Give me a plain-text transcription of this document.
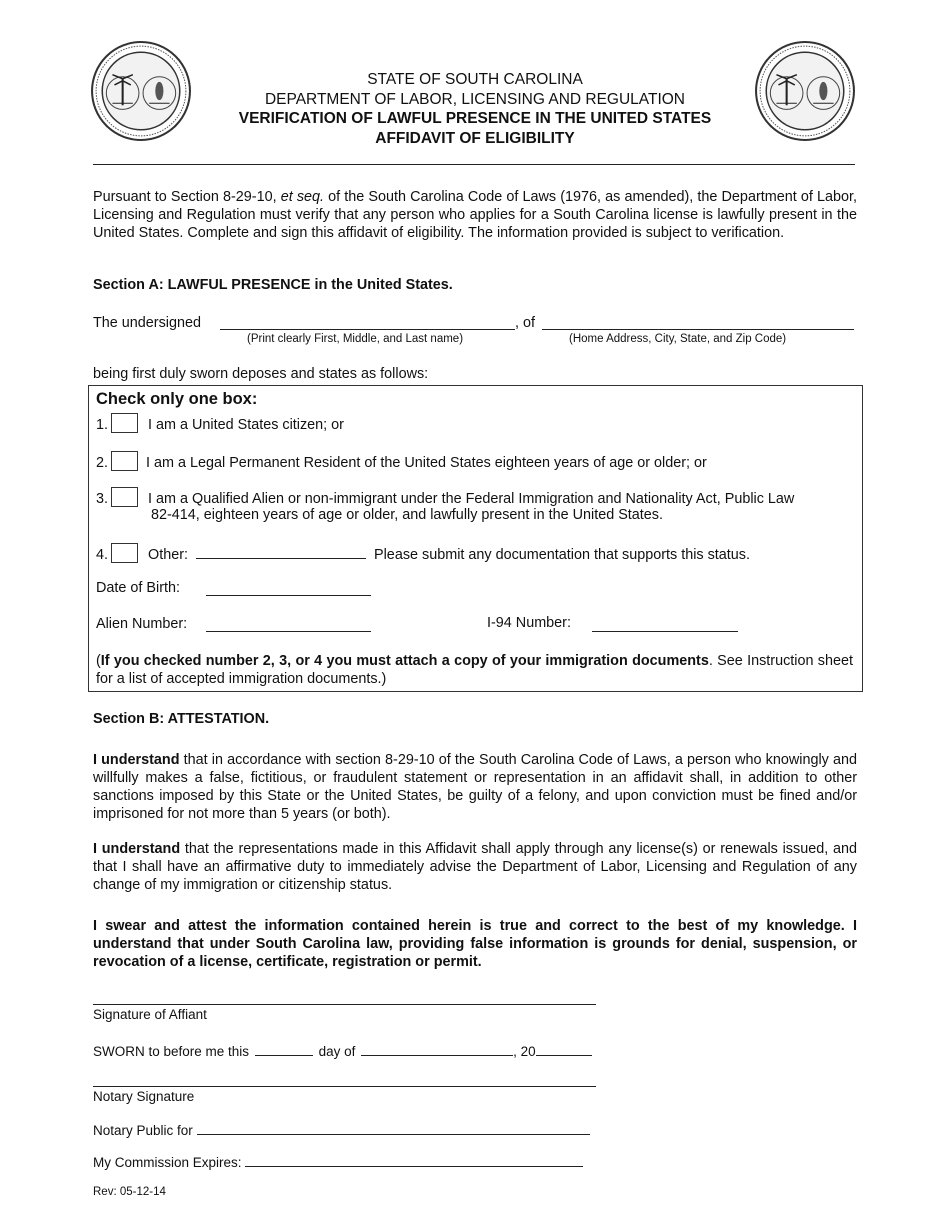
STATE OF SOUTH CAROLINA
DEPARTMENT OF LABOR, LICENSING AND REGULATION
VERIFICATION OF LAWFUL PRESENCE IN THE UNITED STATES
AFFIDAVIT OF ELIGIBILITY
Pursuant to Section 8-29-10, et seq. of the South Carolina Code of Laws (1976, as amended), the Department of Labor, Licensing and Regulation must verify that any person who applies for a South Carolina license is lawfully present in the United States. Complete and sign this affidavit of eligibility. The information provided is subject to verification.
Section A: LAWFUL PRESENCE in the United States.
The undersigned	, of
(Print clearly First, Middle, and Last name)	(Home Address, City, State, and Zip Code)
being first duly sworn deposes and states as follows:
Check only one box:
1.	I am a United States citizen; or
2.	I am a Legal Permanent Resident of the United States eighteen years of age or older; or
3.	I am a Qualified Alien or non-immigrant under the Federal Immigration and Nationality Act, Public Law
82-414, eighteen years of age or older, and lawfully present in the United States.
4.	Other:	Please submit any documentation that supports this status.
Date of Birth:
Alien Number:	I-94 Number:
(If you checked number 2, 3, or 4 you must attach a copy of your immigration documents. See Instruction sheet for a list of accepted immigration documents.)
Section B: ATTESTATION.
I understand that in accordance with section 8-29-10 of the South Carolina Code of Laws, a person who knowingly and willfully makes a false, fictitious, or fraudulent statement or representation in an affidavit shall, in addition to other sanctions imposed by this State or the United States, be guilty of a felony, and upon conviction must be fined and/or imprisoned for not more than 5 years (or both).
I understand that the representations made in this Affidavit shall apply through any license(s) or renewals issued, and that I shall have an affirmative duty to immediately advise the Department of Labor, Licensing and Regulation of any change of my immigration or citizenship status.
I swear and attest the information contained herein is true and correct to the best of my knowledge. I understand that under South Carolina law, providing false information is grounds for denial, suspension, or revocation of a license, certificate, registration or permit.
Signature of Affiant
SWORN to before me this	day of	, 20
Notary Signature
Notary Public for
My Commission Expires:
Rev: 05-12-14
